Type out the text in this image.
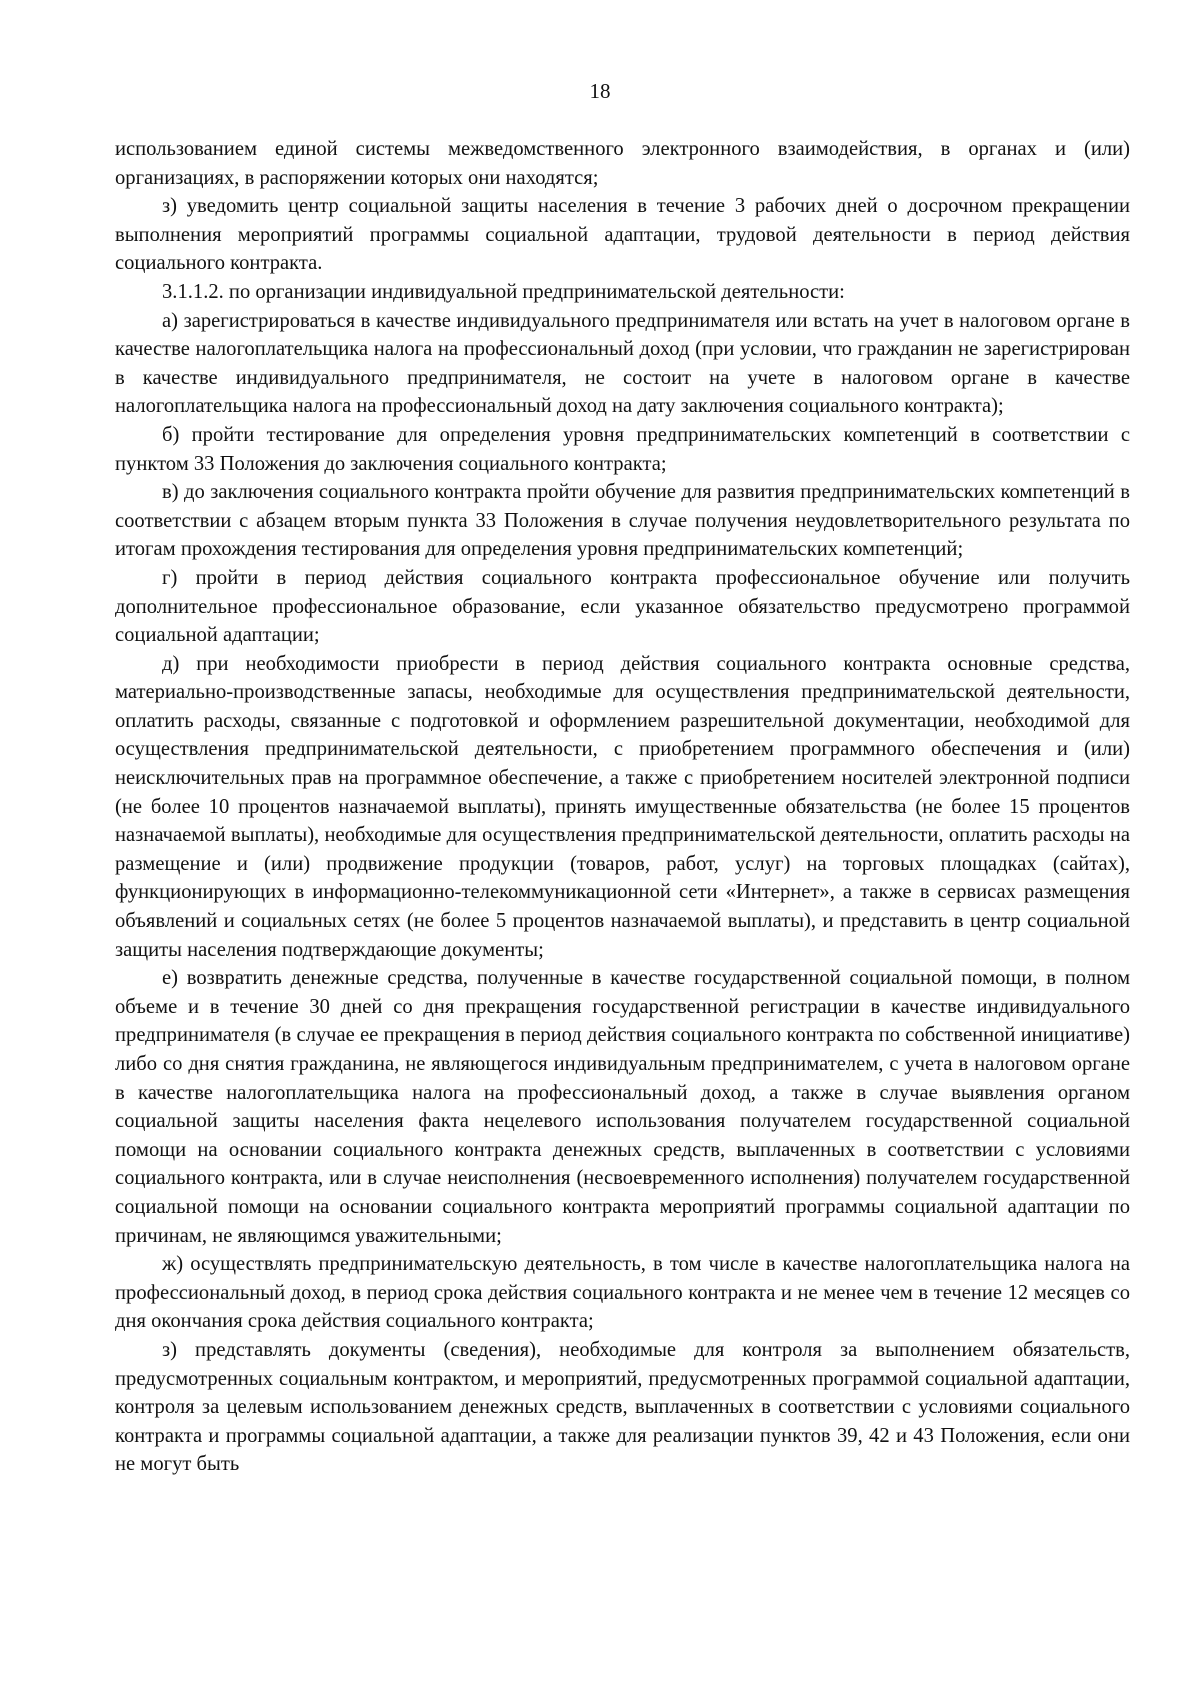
18

использованием единой системы межведомственного электронного взаимодействия, в органах и (или) организациях, в распоряжении которых они находятся;

з) уведомить центр социальной защиты населения в течение 3 рабочих дней о досрочном прекращении выполнения мероприятий программы социальной адаптации, трудовой деятельности в период действия социального контракта.

3.1.1.2. по организации индивидуальной предпринимательской деятельности:

а) зарегистрироваться в качестве индивидуального предпринимателя или встать на учет в налоговом органе в качестве налогоплательщика налога на профессиональный доход (при условии, что гражданин не зарегистрирован в качестве индивидуального предпринимателя, не состоит на учете в налоговом органе в качестве налогоплательщика налога на профессиональный доход на дату заключения социального контракта);

б) пройти тестирование для определения уровня предпринимательских компетенций в соответствии с пунктом 33 Положения до заключения социального контракта;

в) до заключения социального контракта пройти обучение для развития предпринимательских компетенций в соответствии с абзацем вторым пункта 33 Положения в случае получения неудовлетворительного результата по итогам прохождения тестирования для определения уровня предпринимательских компетенций;

г) пройти в период действия социального контракта профессиональное обучение или получить дополнительное профессиональное образование, если указанное обязательство предусмотрено программой социальной адаптации;

д) при необходимости приобрести в период действия социального контракта основные средства, материально-производственные запасы, необходимые для осуществления предпринимательской деятельности, оплатить расходы, связанные с подготовкой и оформлением разрешительной документации, необходимой для осуществления предпринимательской деятельности, с приобретением программного обеспечения и (или) неисключительных прав на программное обеспечение, а также с приобретением носителей электронной подписи (не более 10 процентов назначаемой выплаты), принять имущественные обязательства (не более 15 процентов назначаемой выплаты), необходимые для осуществления предпринимательской деятельности, оплатить расходы на размещение и (или) продвижение продукции (товаров, работ, услуг) на торговых площадках (сайтах), функционирующих в информационно-телекоммуникационной сети «Интернет», а также в сервисах размещения объявлений и социальных сетях (не более 5 процентов назначаемой выплаты), и представить в центр социальной защиты населения подтверждающие документы;

е) возвратить денежные средства, полученные в качестве государственной социальной помощи, в полном объеме и в течение 30 дней со дня прекращения государственной регистрации в качестве индивидуального предпринимателя (в случае ее прекращения в период действия социального контракта по собственной инициативе) либо со дня снятия гражданина, не являющегося индивидуальным предпринимателем, с учета в налоговом органе в качестве налогоплательщика налога на профессиональный доход, а также в случае выявления органом социальной защиты населения факта нецелевого использования получателем государственной социальной помощи на основании социального контракта денежных средств, выплаченных в соответствии с условиями социального контракта, или в случае неисполнения (несвоевременного исполнения) получателем государственной социальной помощи на основании социального контракта мероприятий программы социальной адаптации по причинам, не являющимся уважительными;

ж) осуществлять предпринимательскую деятельность, в том числе в качестве налогоплательщика налога на профессиональный доход, в период срока действия социального контракта и не менее чем в течение 12 месяцев со дня окончания срока действия социального контракта;

з) представлять документы (сведения), необходимые для контроля за выполнением обязательств, предусмотренных социальным контрактом, и мероприятий, предусмотренных программой социальной адаптации, контроля за целевым использованием денежных средств, выплаченных в соответствии с условиями социального контракта и программы социальной адаптации, а также для реализации пунктов 39, 42 и 43 Положения, если они не могут быть
